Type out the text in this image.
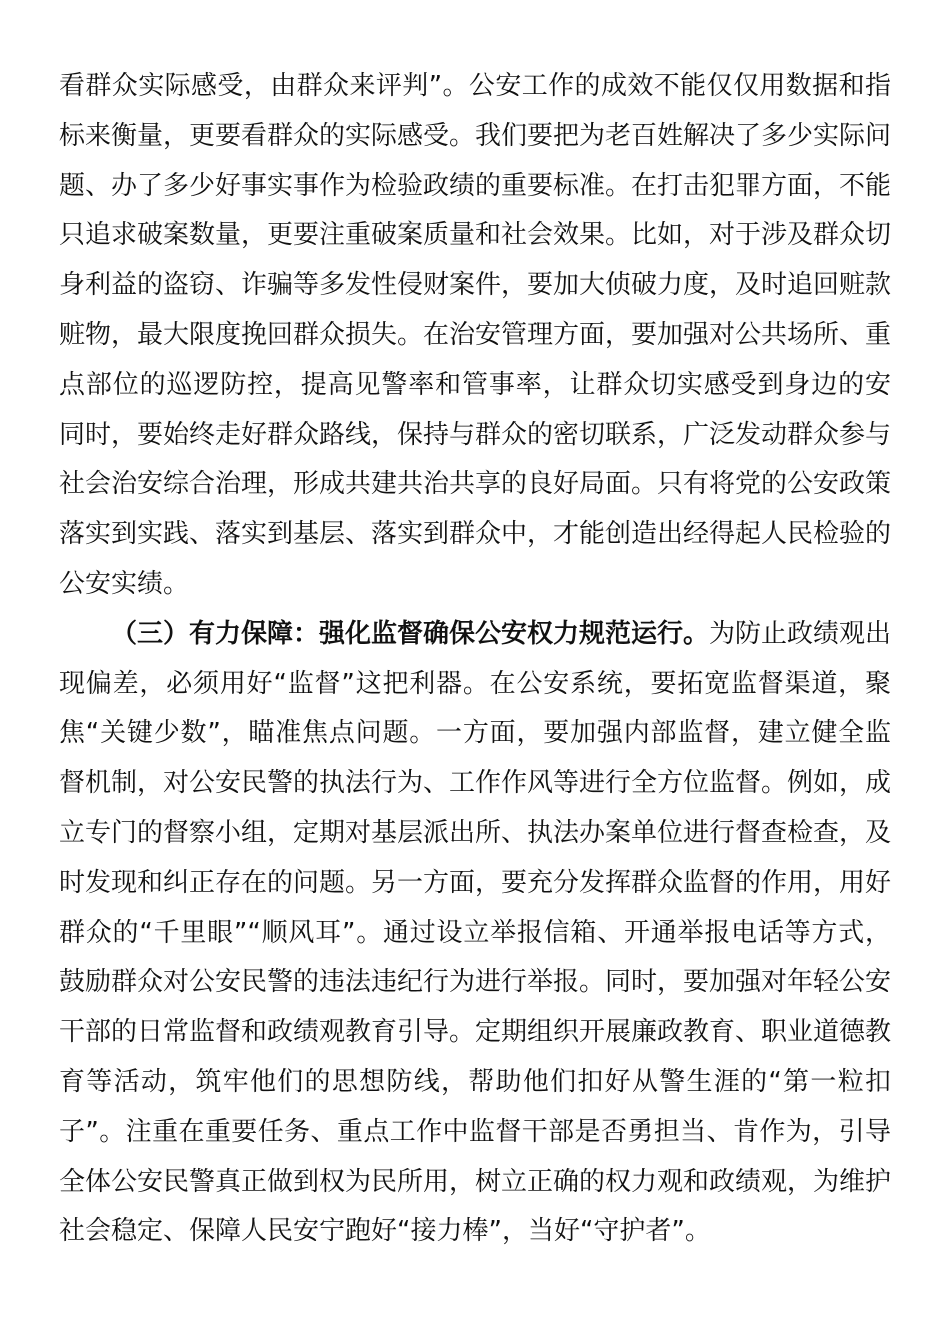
看群众实际感受，由群众来评判”。公安工作的成效不能仅仅用数据和指
标来衡量，更要看群众的实际感受。我们要把为老百姓解决了多少实际问
题、办了多少好事实事作为检验政绩的重要标准。在打击犯罪方面，不能
只追求破案数量，更要注重破案质量和社会效果。比如，对于涉及群众切
身利益的盗窃、诈骗等多发性侵财案件，要加大侦破力度，及时追回赃款
赃物，最大限度挽回群众损失。在治安管理方面，要加强对公共场所、重
点部位的巡逻防控，提高见警率和管事率，让群众切实感受到身边的安
同时，要始终走好群众路线，保持与群众的密切联系，广泛发动群众参与
社会治安综合治理，形成共建共治共享的良好局面。只有将党的公安政策
落实到实践、落实到基层、落实到群众中，才能创造出经得起人民检验的
公安实绩。
（三）有力保障：强化监督确保公安权力规范运行。为防止政绩观出
现偏差，必须用好“监督”这把利器。在公安系统，要拓宽监督渠道，聚
焦“关键少数”，瞄准焦点问题。一方面，要加强内部监督，建立健全监
督机制，对公安民警的执法行为、工作作风等进行全方位监督。例如，成
立专门的督察小组，定期对基层派出所、执法办案单位进行督查检查，及
时发现和纠正存在的问题。另一方面，要充分发挥群众监督的作用，用好
群众的“千里眼”“顺风耳”。通过设立举报信箱、开通举报电话等方式，
鼓励群众对公安民警的违法违纪行为进行举报。同时，要加强对年轻公安
干部的日常监督和政绩观教育引导。定期组织开展廉政教育、职业道德教
育等活动，筑牢他们的思想防线，帮助他们扣好从警生涯的“第一粒扣
子”。注重在重要任务、重点工作中监督干部是否勇担当、肯作为，引导
全体公安民警真正做到权为民所用，树立正确的权力观和政绩观，为维护
社会稳定、保障人民安宁跑好“接力棒”，当好“守护者”。
